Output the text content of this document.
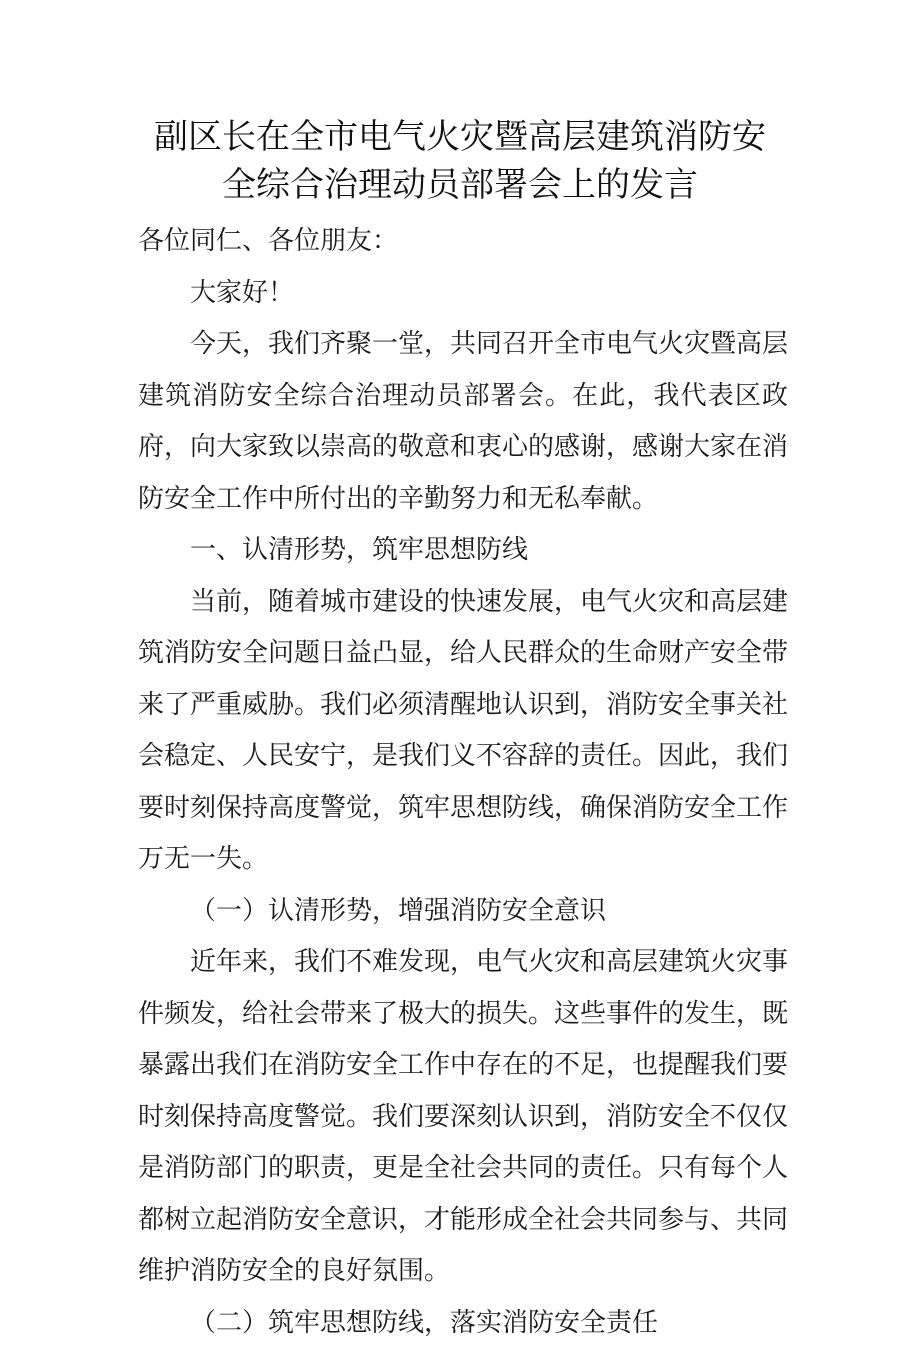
副区长在全市电气火灾暨高层建筑消防安
全综合治理动员部署会上的发言

各位同仁、各位朋友：

大家好！

今天，我们齐聚一堂，共同召开全市电气火灾暨高层建筑消防安全综合治理动员部署会。在此，我代表区政府，向大家致以崇高的敬意和衷心的感谢，感谢大家在消防安全工作中所付出的辛勤努力和无私奉献。

一、认清形势，筑牢思想防线

当前，随着城市建设的快速发展，电气火灾和高层建筑消防安全问题日益凸显，给人民群众的生命财产安全带来了严重威胁。我们必须清醒地认识到，消防安全事关社会稳定、人民安宁，是我们义不容辞的责任。因此，我们要时刻保持高度警觉，筑牢思想防线，确保消防安全工作万无一失。

（一）认清形势，增强消防安全意识

近年来，我们不难发现，电气火灾和高层建筑火灾事件频发，给社会带来了极大的损失。这些事件的发生，既暴露出我们在消防安全工作中存在的不足，也提醒我们要时刻保持高度警觉。我们要深刻认识到，消防安全不仅仅是消防部门的职责，更是全社会共同的责任。只有每个人都树立起消防安全意识，才能形成全社会共同参与、共同维护消防安全的良好氛围。

（二）筑牢思想防线，落实消防安全责任
